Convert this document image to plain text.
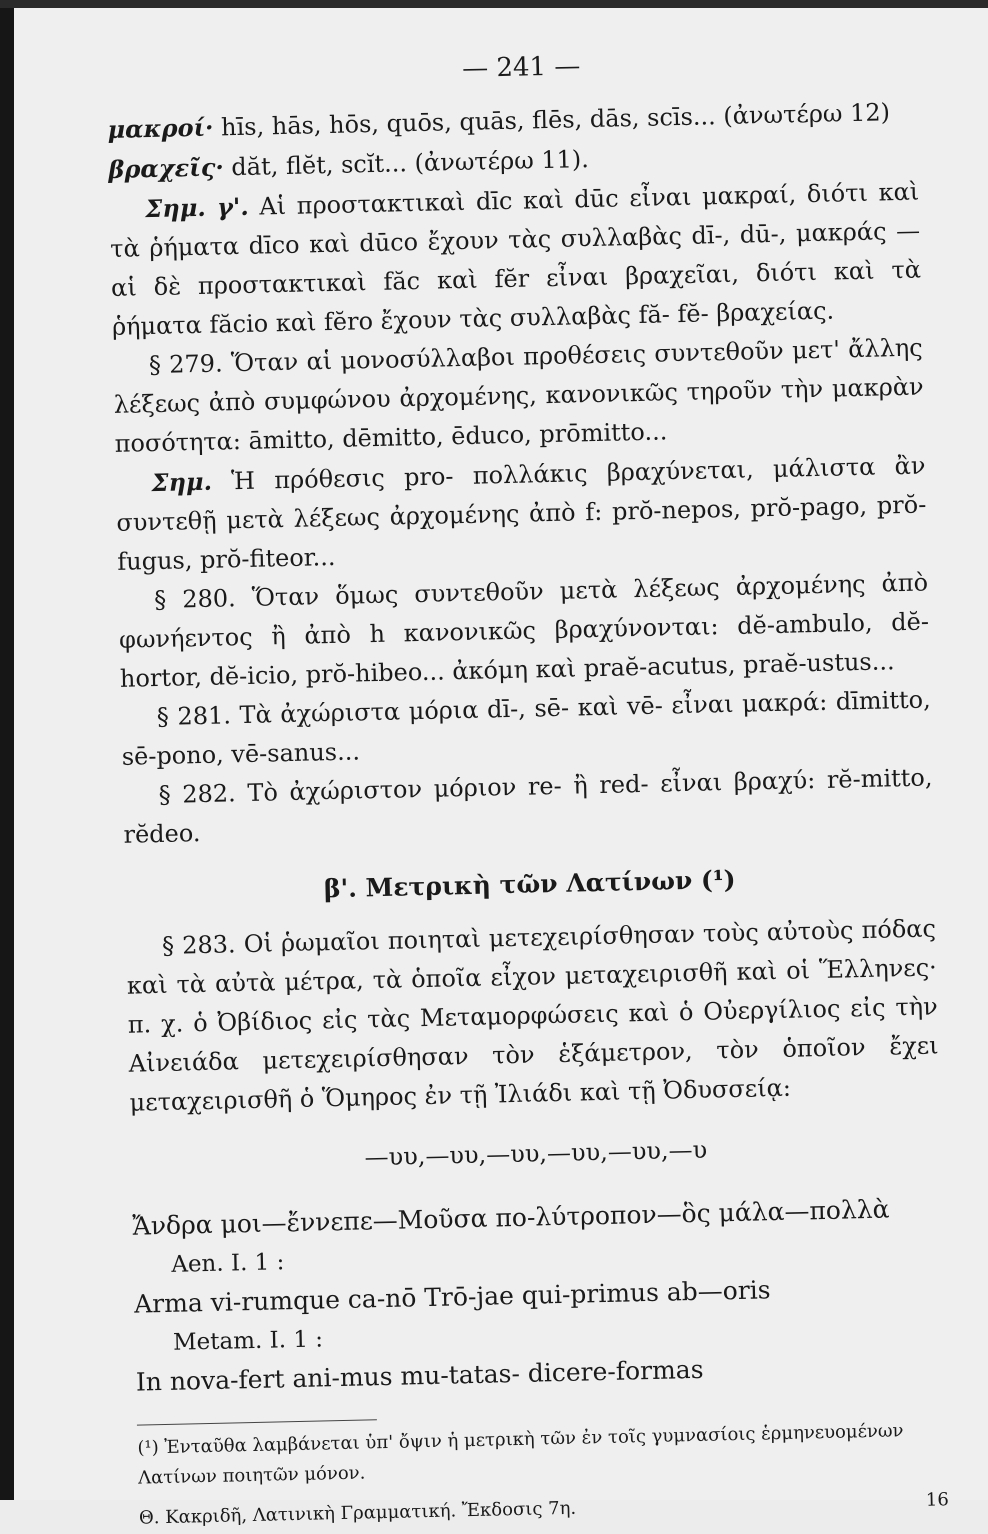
— 241 —

μακροί· hīs, hās, hōs, quōs, quās, flēs, dās, scīs... (ἀνωτέρω 12)

βραχεῖς· dăt, flĕt, scĭt... (ἀνωτέρω 11).

Σημ. γ'. Αἱ προστακτικαὶ dīc καὶ dūc εἶναι μακραί, διότι καὶ τὰ ῥήματα dīco καὶ dūco ἔχουν τὰς συλλαβὰς dī-, dū-, μακράς — αἱ δὲ προστακτικαὶ făc καὶ fĕr εἶναι βραχεῖαι, διότι καὶ τὰ ῥήματα făcio καὶ fĕro ἔχουν τὰς συλλαβὰς fă- fĕ- βραχείας.

§ 279. Ὅταν αἱ μονοσύλλαβοι προθέσεις συντεθοῦν μετ' ἄλλης λέξεως ἀπὸ συμφώνου ἀρχομένης, κανονικῶς τηροῦν τὴν μακρὰν ποσότητα: āmitto, dēmitto, ēduco, prōmitto...

Σημ. Ἡ πρόθεσις pro- πολλάκις βραχύνεται, μάλιστα ἂν συντεθῇ μετὰ λέξεως ἀρχομένης ἀπὸ f: prŏ-nepos, prŏ-pago, prŏ-fugus, prŏ-fiteor...

§ 280. Ὅταν ὅμως συντεθοῦν μετὰ λέξεως ἀρχομένης ἀπὸ φωνήεντος ἢ ἀπὸ h κανονικῶς βραχύνονται: dĕ-ambulo, dĕ-hortor, dĕ-icio, prŏ-hibeo... ἀκόμη καὶ praĕ-acutus, praĕ-ustus...

§ 281. Τὰ ἀχώριστα μόρια dī-, sē- καὶ vē- εἶναι μακρά: dīmitto, sē-pono, vē-sanus...

§ 282. Τὸ ἀχώριστον μόριον re- ἢ red- εἶναι βραχύ: rĕ-mitto, rĕdeo.

β'. Μετρικὴ τῶν Λατίνων (¹)

§ 283. Οἱ ῥωμαῖοι ποιηταὶ μετεχειρίσθησαν τοὺς αὐτοὺς πόδας καὶ τὰ αὐτὰ μέτρα, τὰ ὁποῖα εἶχον μεταχειρισθῆ καὶ οἱ Ἕλληνες· π. χ. ὁ Ὀβίδιος εἰς τὰς Μεταμορφώσεις καὶ ὁ Οὐεργίλιος εἰς τὴν Αἰνειάδα μετεχειρίσθησαν τὸν ἑξάμετρον, τὸν ὁποῖον ἔχει μεταχειρισθῆ ὁ Ὅμηρος ἐν τῇ Ἰλιάδι καὶ τῇ Ὀδυσσείᾳ:

—υυ,—υυ,—υυ,—υυ,—υυ,—υ
Ἄνδρα μοι—ἔννεπε—Μοῦσα πο-λύτροπον—ὃς μάλα—πολλὰ
Aen. I. 1 :
Arma vi-rumque ca-nō Trō-jae qui-primus ab—oris
Metam. I. 1 :
In nova-fert ani-mus mu-tatas- dicere-formas
(¹) Ἐνταῦθα λαμβάνεται ὑπ' ὄψιν ἡ μετρικὴ τῶν ἐν τοῖς γυμνασίοις ἑρμηνευομένων Λατίνων ποιητῶν μόνον.
Θ. Κακριδῆ, Λατινικὴ Γραμματική. Ἔκδοσις 7η.	16
